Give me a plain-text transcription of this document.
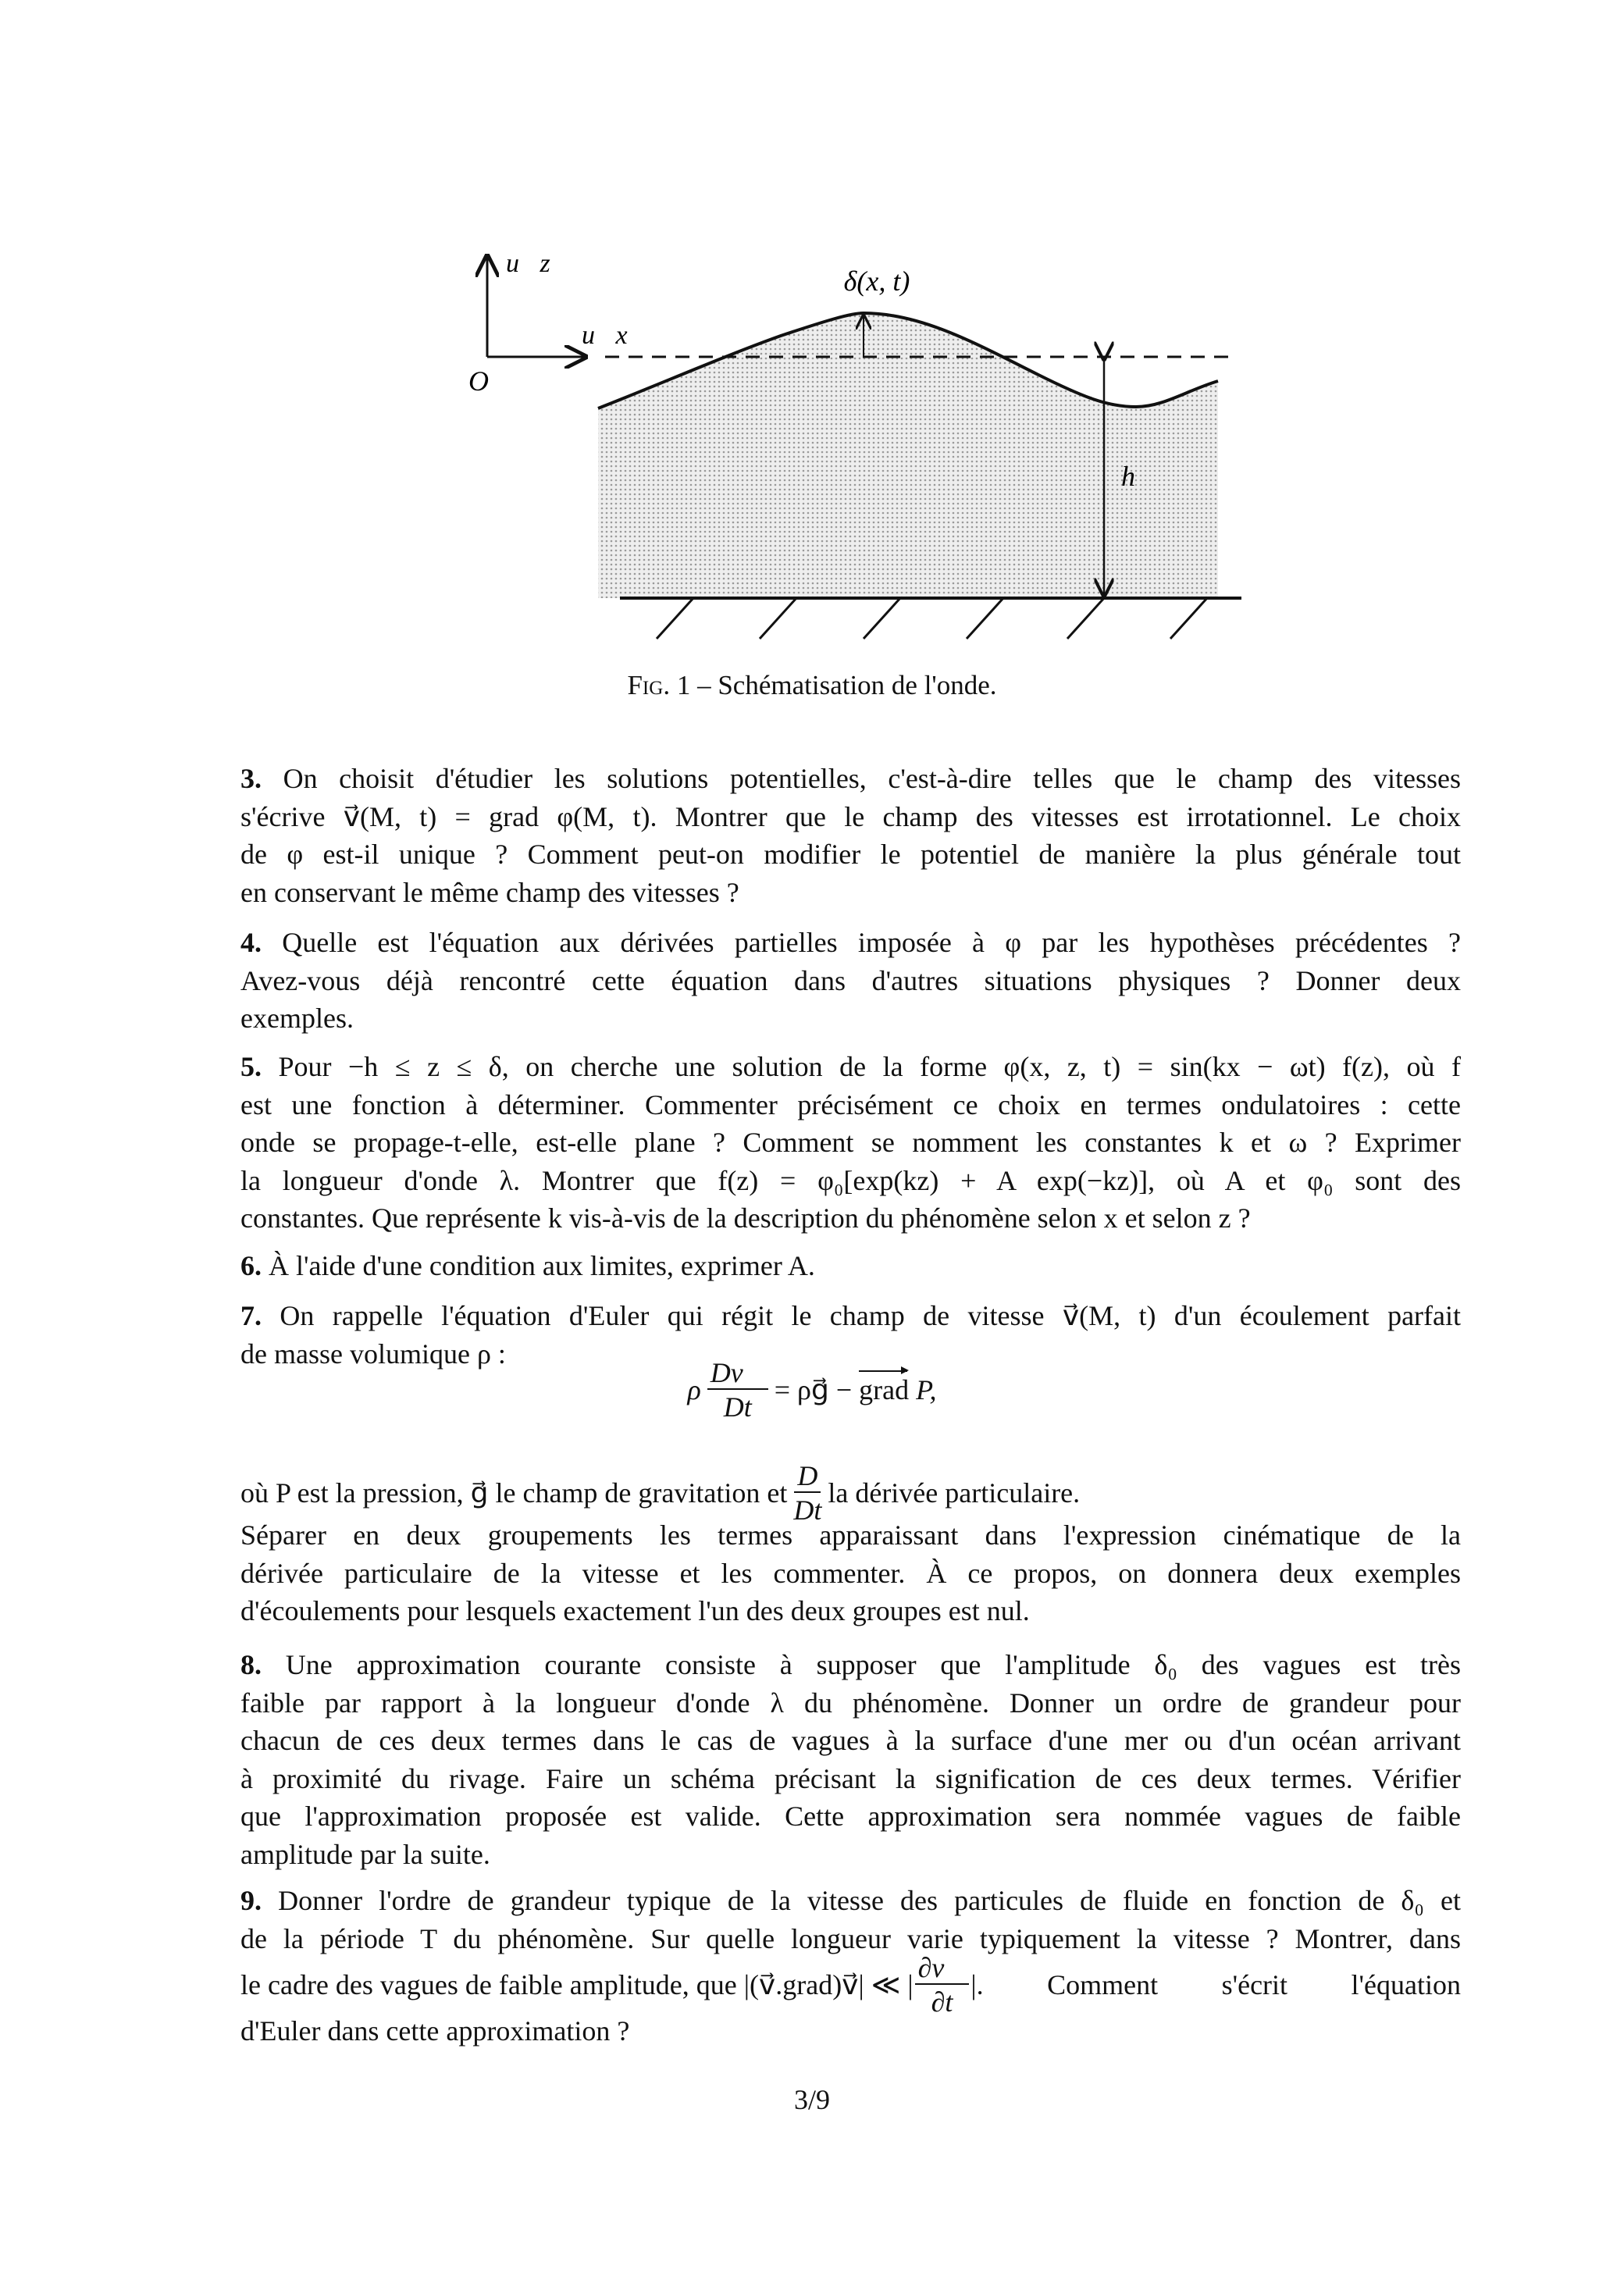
u⃗z
u⃗x
O
δ(x, t)
h
Fig. 1 – Schématisation de l'onde.
3. On choisit d'étudier les solutions potentielles, c'est-à-dire telles que le champ des vitesses
s'écrive v⃗(M, t) = grad φ(M, t). Montrer que le champ des vitesses est irrotationnel. Le choix
de φ est-il unique ? Comment peut-on modifier le potentiel de manière la plus générale tout
en conservant le même champ des vitesses ?
4. Quelle est l'équation aux dérivées partielles imposée à φ par les hypothèses précédentes ?
Avez-vous déjà rencontré cette équation dans d'autres situations physiques ? Donner deux
exemples.
5. Pour −h ≤ z ≤ δ, on cherche une solution de la forme φ(x, z, t) = sin(kx − ωt) f(z), où f
est une fonction à déterminer. Commenter précisément ce choix en termes ondulatoires : cette
onde se propage-t-elle, est-elle plane ? Comment se nomment les constantes k et ω ? Exprimer
la longueur d'onde λ. Montrer que f(z) = φ₀[exp(kz) + A exp(−kz)], où A et φ₀ sont des
constantes. Que représente k vis-à-vis de la description du phénomène selon x et selon z ?
6. À l'aide d'une condition aux limites, exprimer A.
7. On rappelle l'équation d'Euler qui régit le champ de vitesse v⃗(M, t) d'un écoulement parfait
de masse volumique ρ :
ρ $\frac{Dv⃗}{Dt}$ = ρg⃗ − grad P,
où P est la pression, g⃗ le champ de gravitation et $\frac{D}{Dt}$ la dérivée particulaire.
Séparer en deux groupements les termes apparaissant dans l'expression cinématique de la
dérivée particulaire de la vitesse et les commenter. À ce propos, on donnera deux exemples
d'écoulements pour lesquels exactement l'un des deux groupes est nul.
8. Une approximation courante consiste à supposer que l'amplitude δ₀ des vagues est très
faible par rapport à la longueur d'onde λ du phénomène. Donner un ordre de grandeur pour
chacun de ces deux termes dans le cas de vagues à la surface d'une mer ou d'un océan arrivant
à proximité du rivage. Faire un schéma précisant la signification de ces deux termes. Vérifier
que l'approximation proposée est valide. Cette approximation sera nommée vagues de faible
amplitude par la suite.
9. Donner l'ordre de grandeur typique de la vitesse des particules de fluide en fonction de δ₀ et
de la période T du phénomène. Sur quelle longueur varie typiquement la vitesse ? Montrer, dans
le cadre des vagues de faible amplitude, que |(v⃗.grad)v⃗| ≪ | $\frac{\partial v⃗}{\partial t}$ |. Comment s'écrit l'équation
d'Euler dans cette approximation ?
3/9
